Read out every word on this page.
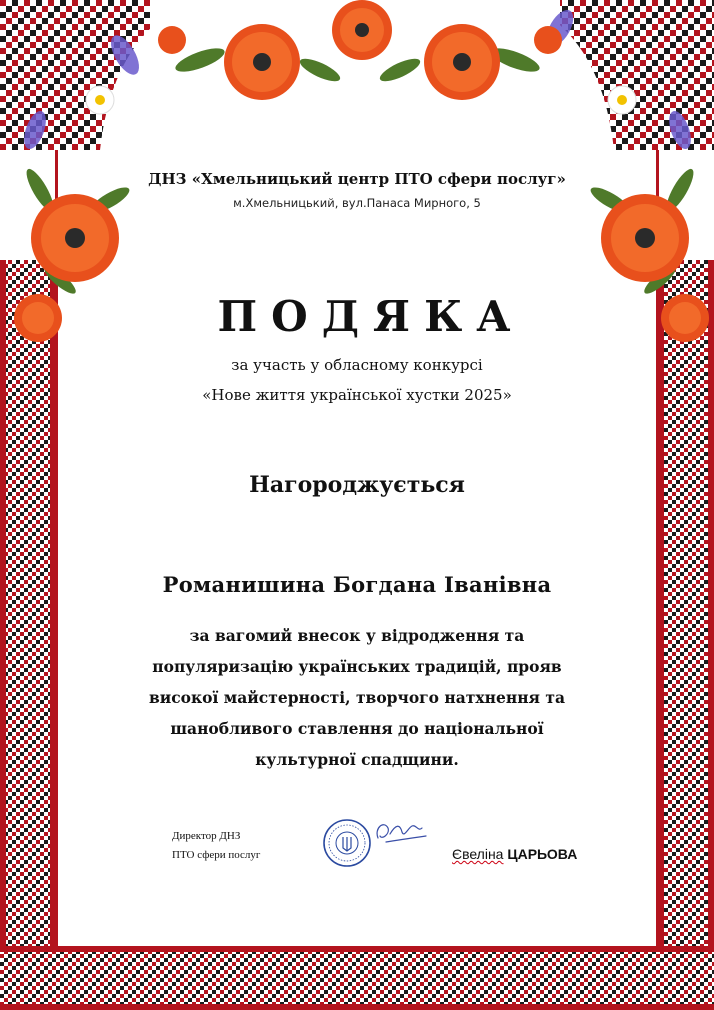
ДНЗ «Хмельницький центр ПТО сфери послуг»
м.Хмельницький, вул.Панаса Мирного, 5
ПОДЯКА
за участь у обласному конкурсі
«Нове життя української хустки 2025»
Нагороджується
Романишина Богдана Іванівна
за вагомий внесок у відродження та
популяризацію українських традицій, прояв
високої майстерності, творчого натхнення та
шанобливого ставлення до національної
культурної спадщини.
Директор ДНЗ
ПТО сфери послуг	Євеліна ЦАРЬОВА
